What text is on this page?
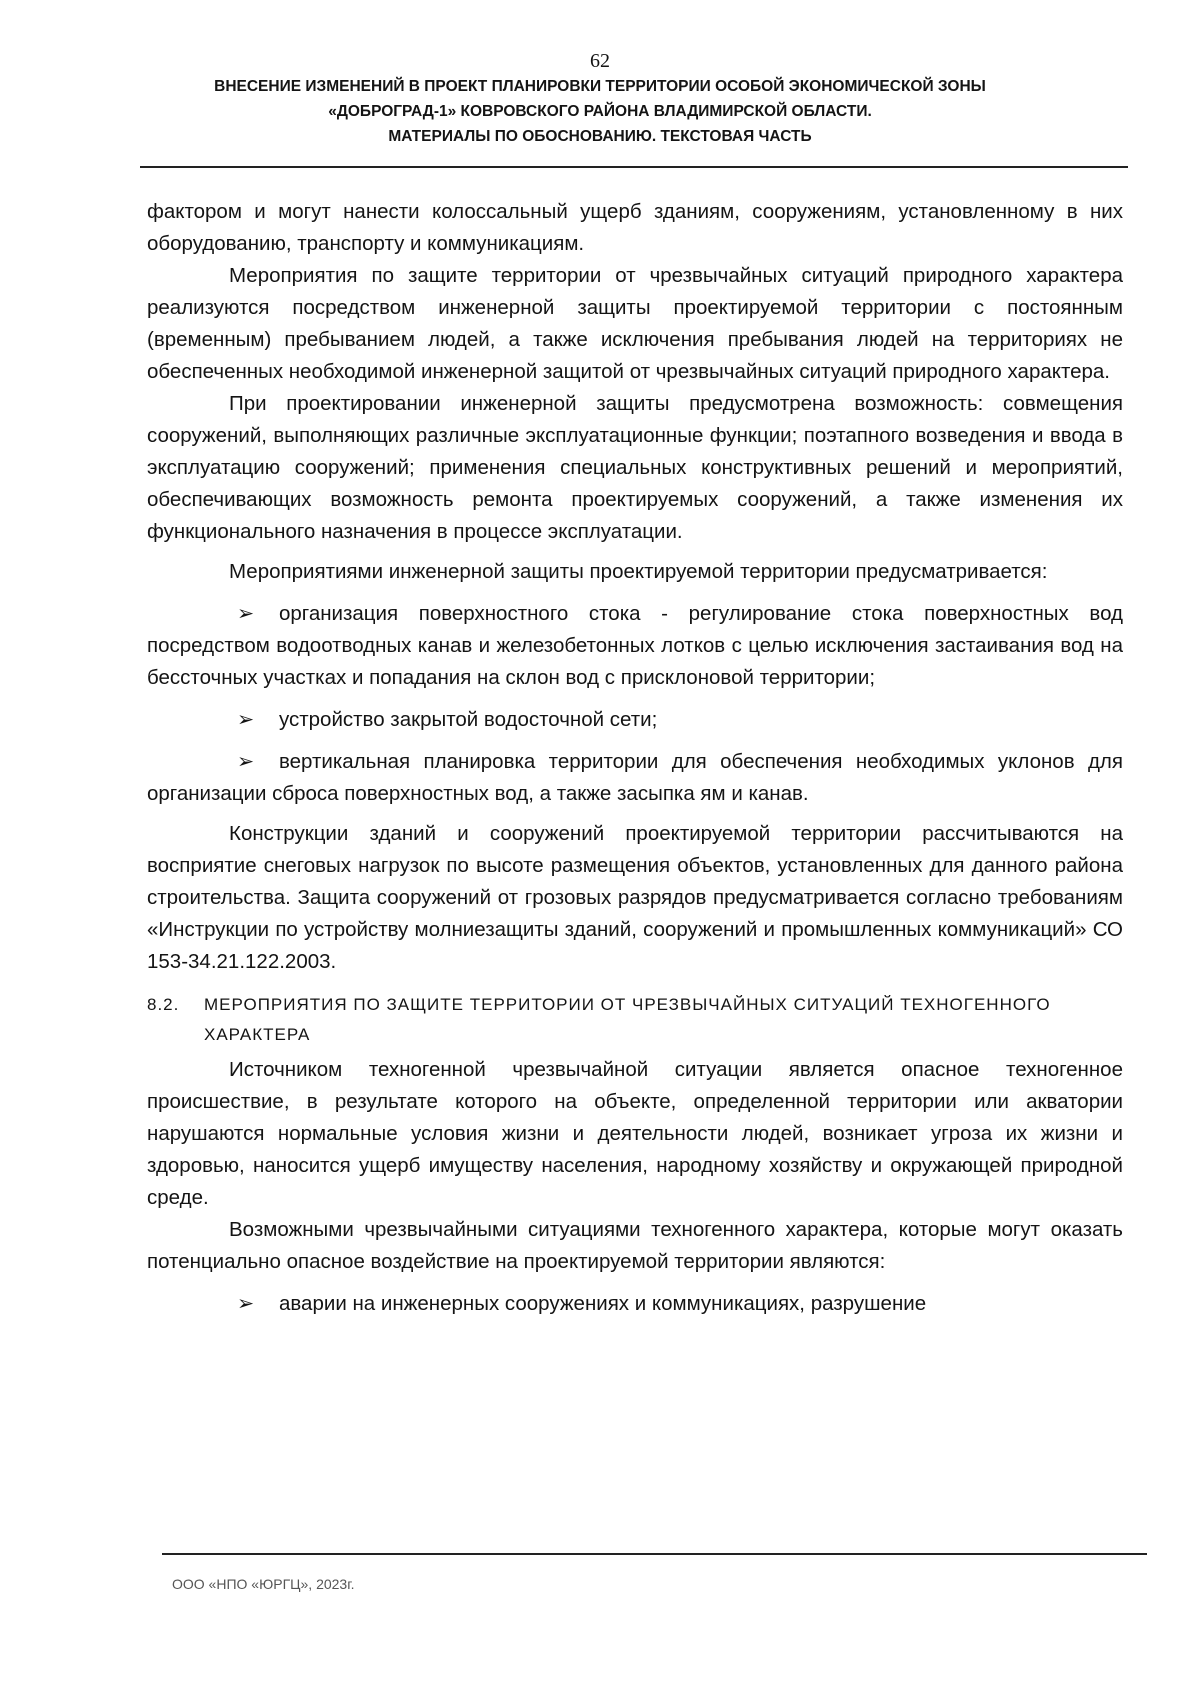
62
ВНЕСЕНИЕ ИЗМЕНЕНИЙ В ПРОЕКТ ПЛАНИРОВКИ ТЕРРИТОРИИ ОСОБОЙ ЭКОНОМИЧЕСКОЙ ЗОНЫ
«ДОБРОГРАД-1» КОВРОВСКОГО РАЙОНА ВЛАДИМИРСКОЙ ОБЛАСТИ.
МАТЕРИАЛЫ ПО ОБОСНОВАНИЮ. ТЕКСТОВАЯ ЧАСТЬ

фактором и могут нанести колоссальный ущерб зданиям, сооружениям, установленному в них оборудованию, транспорту и коммуникациям.

Мероприятия по защите территории от чрезвычайных ситуаций природного характера реализуются посредством инженерной защиты проектируемой территории с постоянным (временным) пребыванием людей, а также исключения пребывания людей на территориях не обеспеченных необходимой инженерной защитой от чрезвычайных ситуаций природного характера.

При проектировании инженерной защиты предусмотрена возможность: совмещения сооружений, выполняющих различные эксплуатационные функции; поэтапного возведения и ввода в эксплуатацию сооружений; применения специальных конструктивных решений и мероприятий, обеспечивающих возможность ремонта проектируемых сооружений, а также изменения их функционального назначения в процессе эксплуатации.

Мероприятиями инженерной защиты проектируемой территории предусматривается:

➢ организация поверхностного стока - регулирование стока поверхностных вод посредством водоотводных канав и железобетонных лотков с целью исключения застаивания вод на бессточных участках и попадания на склон вод с присклоновой территории;

➢ устройство закрытой водосточной сети;

➢ вертикальная планировка территории для обеспечения необходимых уклонов для организации сброса поверхностных вод, а также засыпка ям и канав.

Конструкции зданий и сооружений проектируемой территории рассчитываются на восприятие снеговых нагрузок по высоте размещения объектов, установленных для данного района строительства. Защита сооружений от грозовых разрядов предусматривается согласно требованиям «Инструкции по устройству молниезащиты зданий, сооружений и промышленных коммуникаций» СО 153-34.21.122.2003.

8.2.	МЕРОПРИЯТИЯ ПО ЗАЩИТЕ ТЕРРИТОРИИ ОТ ЧРЕЗВЫЧАЙНЫХ СИТУАЦИЙ ТЕХНОГЕННОГО ХАРАКТЕРА

Источником техногенной чрезвычайной ситуации является опасное техногенное происшествие, в результате которого на объекте, определенной территории или акватории нарушаются нормальные условия жизни и деятельности людей, возникает угроза их жизни и здоровью, наносится ущерб имуществу населения, народному хозяйству и окружающей природной среде.

Возможными чрезвычайными ситуациями техногенного характера, которые могут оказать потенциально опасное воздействие на проектируемой территории являются:

➢ аварии на инженерных сооружениях и коммуникациях, разрушение

ООО «НПО «ЮРГЦ», 2023г.
